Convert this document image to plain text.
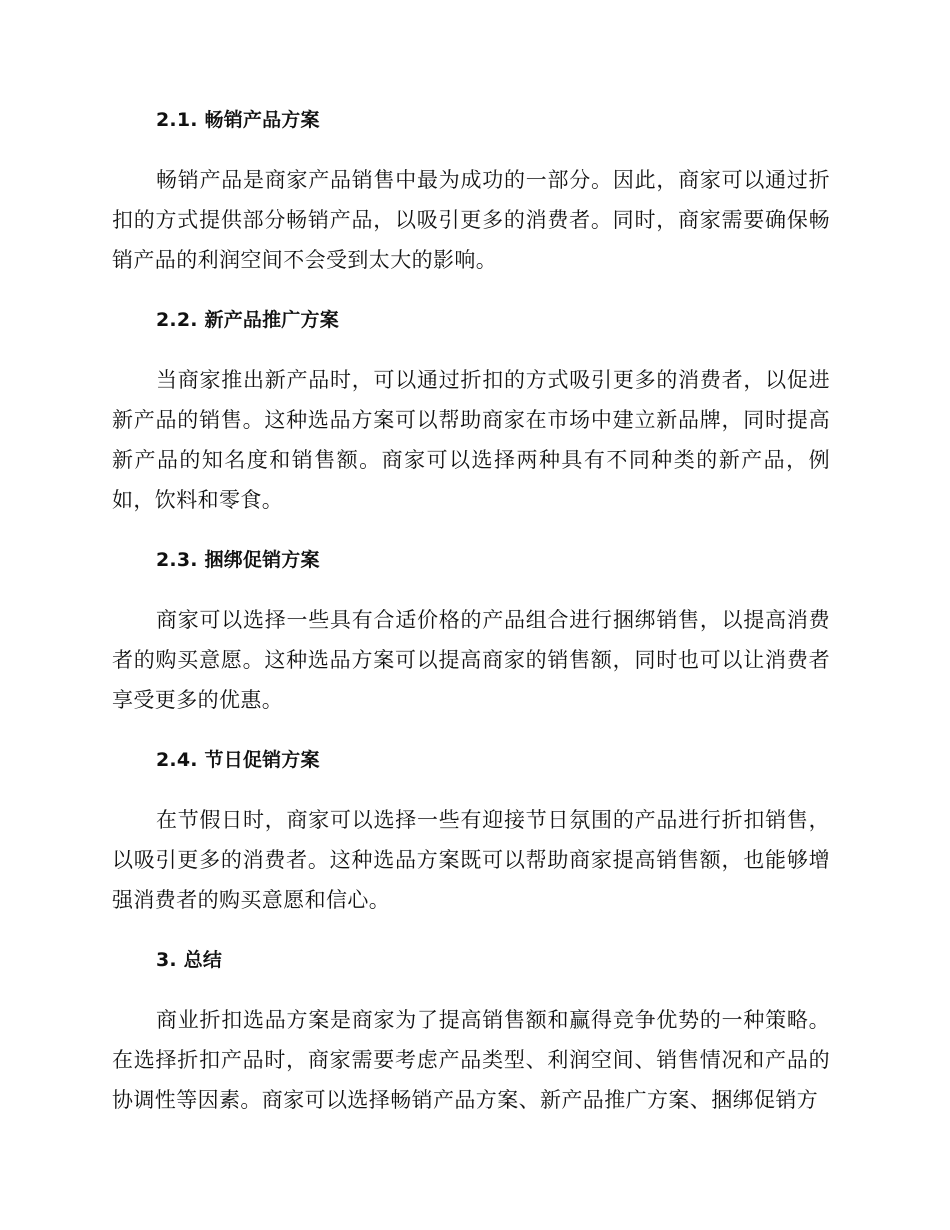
2.1. 畅销产品方案

畅销产品是商家产品销售中最为成功的一部分。因此，商家可以通过折扣的方式提供部分畅销产品，以吸引更多的消费者。同时，商家需要确保畅销产品的利润空间不会受到太大的影响。

2.2. 新产品推广方案

当商家推出新产品时，可以通过折扣的方式吸引更多的消费者，以促进新产品的销售。这种选品方案可以帮助商家在市场中建立新品牌，同时提高新产品的知名度和销售额。商家可以选择两种具有不同种类的新产品，例如，饮料和零食。

2.3. 捆绑促销方案

商家可以选择一些具有合适价格的产品组合进行捆绑销售，以提高消费者的购买意愿。这种选品方案可以提高商家的销售额，同时也可以让消费者享受更多的优惠。

2.4. 节日促销方案

在节假日时，商家可以选择一些有迎接节日氛围的产品进行折扣销售，以吸引更多的消费者。这种选品方案既可以帮助商家提高销售额，也能够增强消费者的购买意愿和信心。

3. 总结

商业折扣选品方案是商家为了提高销售额和赢得竞争优势的一种策略。在选择折扣产品时，商家需要考虑产品类型、利润空间、销售情况和产品的协调性等因素。商家可以选择畅销产品方案、新产品推广方案、捆绑促销方
